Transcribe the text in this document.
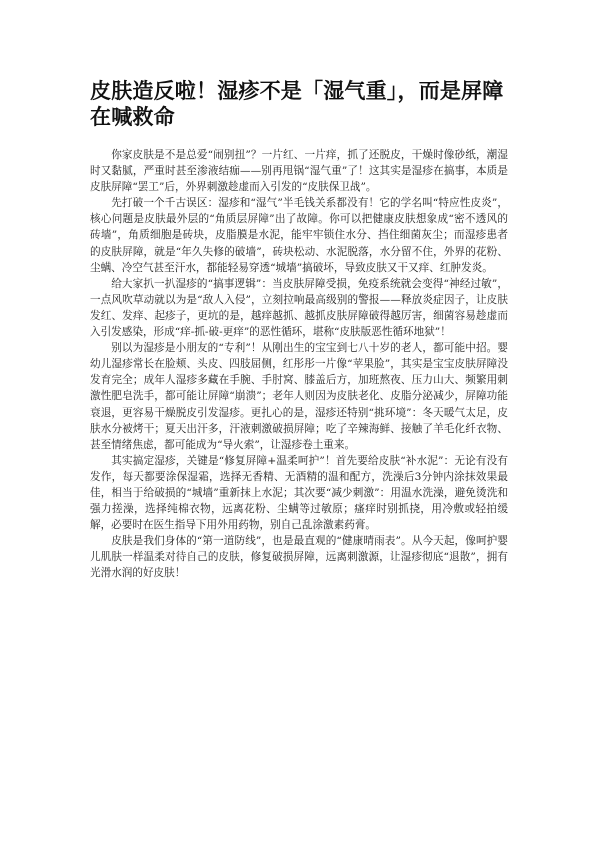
皮肤造反啦！湿疹不是「湿气重」，而是屏障在喊救命

你家皮肤是不是总爱“闹别扭”？一片红、一片痒，抓了还脱皮，干燥时像砂纸，潮湿时又黏腻，严重时甚至渗液结痂——别再甩锅“湿气重”了！这其实是湿疹在搞事，本质是皮肤屏障“罢工”后，外界刺激趁虚而入引发的“皮肤保卫战”。

先打破一个千古误区：湿疹和“湿气”半毛钱关系都没有！它的学名叫“特应性皮炎”，核心问题是皮肤最外层的“角质层屏障”出了故障。你可以把健康皮肤想象成“密不透风的砖墙”，角质细胞是砖块，皮脂膜是水泥，能牢牢锁住水分、挡住细菌灰尘；而湿疹患者的皮肤屏障，就是“年久失修的破墙”，砖块松动、水泥脱落，水分留不住，外界的花粉、尘螨、冷空气甚至汗水，都能轻易穿透“城墙”搞破坏，导致皮肤又干又痒、红肿发炎。

给大家扒一扒湿疹的“搞事逻辑”：当皮肤屏障受损，免疫系统就会变得“神经过敏”，一点风吹草动就以为是“敌人入侵”，立刻拉响最高级别的警报——释放炎症因子，让皮肤发红、发痒、起疹子，更坑的是，越痒越抓、越抓皮肤屏障破得越厉害，细菌容易趁虚而入引发感染，形成“痒-抓-破-更痒”的恶性循环，堪称“皮肤版恶性循环地狱”！

别以为湿疹是小朋友的“专利”！从刚出生的宝宝到七八十岁的老人，都可能中招。婴幼儿湿疹常长在脸颊、头皮、四肢屈侧，红彤彤一片像“苹果脸”，其实是宝宝皮肤屏障没发育完全；成年人湿疹多藏在手腕、手肘窝、膝盖后方，加班熬夜、压力山大、频繁用刺激性肥皂洗手，都可能让屏障“崩溃”；老年人则因为皮肤老化、皮脂分泌减少，屏障功能衰退，更容易干燥脱皮引发湿疹。更扎心的是，湿疹还特别“挑环境”：冬天暖气太足，皮肤水分被烤干；夏天出汗多，汗液刺激破损屏障；吃了辛辣海鲜、接触了羊毛化纤衣物、甚至情绪焦虑，都可能成为“导火索”，让湿疹卷土重来。

其实搞定湿疹，关键是“修复屏障+温柔呵护”！首先要给皮肤“补水泥”：无论有没有发作，每天都要涂保湿霜，选择无香精、无酒精的温和配方，洗澡后3分钟内涂抹效果最佳，相当于给破损的“城墙”重新抹上水泥；其次要“减少刺激”：用温水洗澡，避免烫洗和强力搓澡，选择纯棉衣物，远离花粉、尘螨等过敏原；瘙痒时别抓挠，用冷敷或轻拍缓解，必要时在医生指导下用外用药物，别自己乱涂激素药膏。

皮肤是我们身体的“第一道防线”，也是最直观的“健康晴雨表”。从今天起，像呵护婴儿肌肤一样温柔对待自己的皮肤，修复破损屏障，远离刺激源，让湿疹彻底“退散”，拥有光滑水润的好皮肤！
